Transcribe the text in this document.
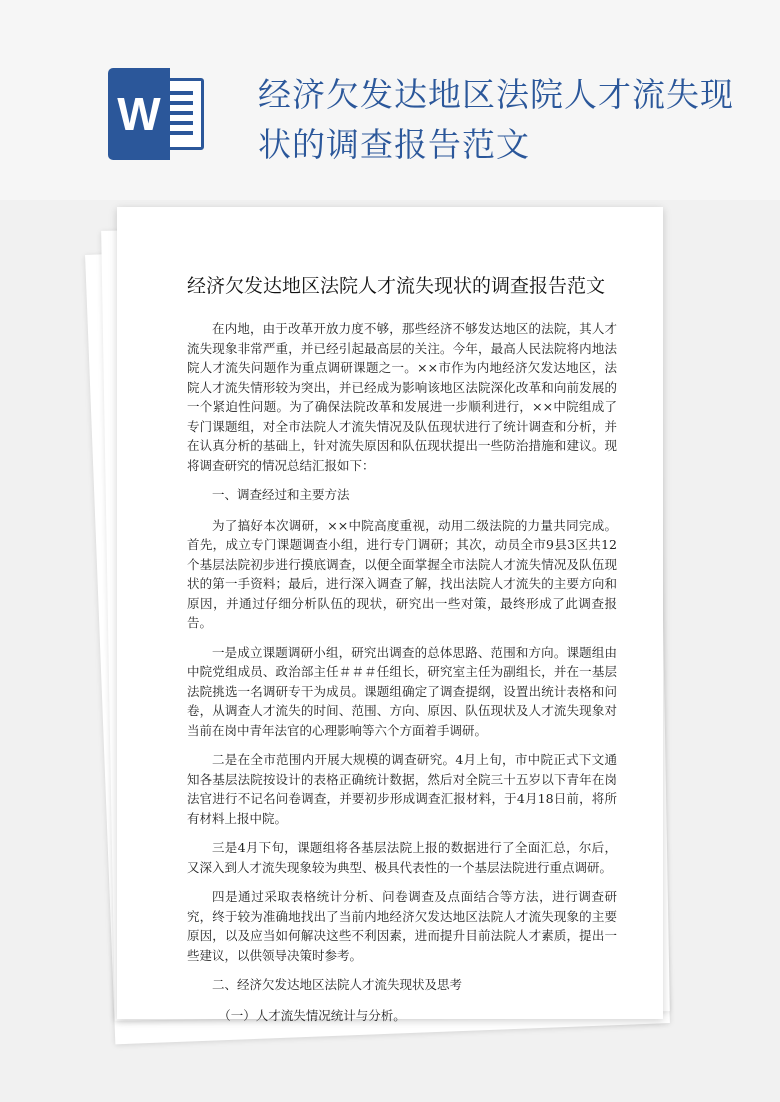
W	经济欠发达地区法院人才流失现状的调查报告范文
经济欠发达地区法院人才流失现状的调查报告范文

在内地，由于改革开放力度不够，那些经济不够发达地区的法院，其人才流失现象非常严重，并已经引起最高层的关注。今年，最高人民法院将内地法院人才流失问题作为重点调研课题之一。××市作为内地经济欠发达地区，法院人才流失情形较为突出，并已经成为影响该地区法院深化改革和向前发展的一个紧迫性问题。为了确保法院改革和发展进一步顺利进行，××中院组成了专门课题组，对全市法院人才流失情况及队伍现状进行了统计调查和分析，并在认真分析的基础上，针对流失原因和队伍现状提出一些防治措施和建议。现将调查研究的情况总结汇报如下：

一、调查经过和主要方法

为了搞好本次调研，××中院高度重视，动用二级法院的力量共同完成。首先，成立专门课题调查小组，进行专门调研；其次，动员全市9县3区共12个基层法院初步进行摸底调查，以便全面掌握全市法院人才流失情况及队伍现状的第一手资料；最后，进行深入调查了解，找出法院人才流失的主要方向和原因，并通过仔细分析队伍的现状，研究出一些对策，最终形成了此调查报告。

一是成立课题调研小组，研究出调查的总体思路、范围和方向。课题组由中院党组成员、政治部主任＃＃＃任组长，研究室主任为副组长，并在一基层法院挑选一名调研专干为成员。课题组确定了调查提纲，设置出统计表格和问卷，从调查人才流失的时间、范围、方向、原因、队伍现状及人才流失现象对当前在岗中青年法官的心理影响等六个方面着手调研。

二是在全市范围内开展大规模的调查研究。4月上旬，市中院正式下文通知各基层法院按设计的表格正确统计数据，然后对全院三十五岁以下青年在岗法官进行不记名问卷调查，并要初步形成调查汇报材料，于4月18日前，将所有材料上报中院。

三是4月下旬，课题组将各基层法院上报的数据进行了全面汇总，尔后，又深入到人才流失现象较为典型、极具代表性的一个基层法院进行重点调研。

四是通过采取表格统计分析、问卷调查及点面结合等方法，进行调查研究，终于较为准确地找出了当前内地经济欠发达地区法院人才流失现象的主要原因，以及应当如何解决这些不利因素，进而提升目前法院人才素质，提出一些建议，以供领导决策时参考。

二、经济欠发达地区法院人才流失现状及思考

（一）人才流失情况统计与分析。
